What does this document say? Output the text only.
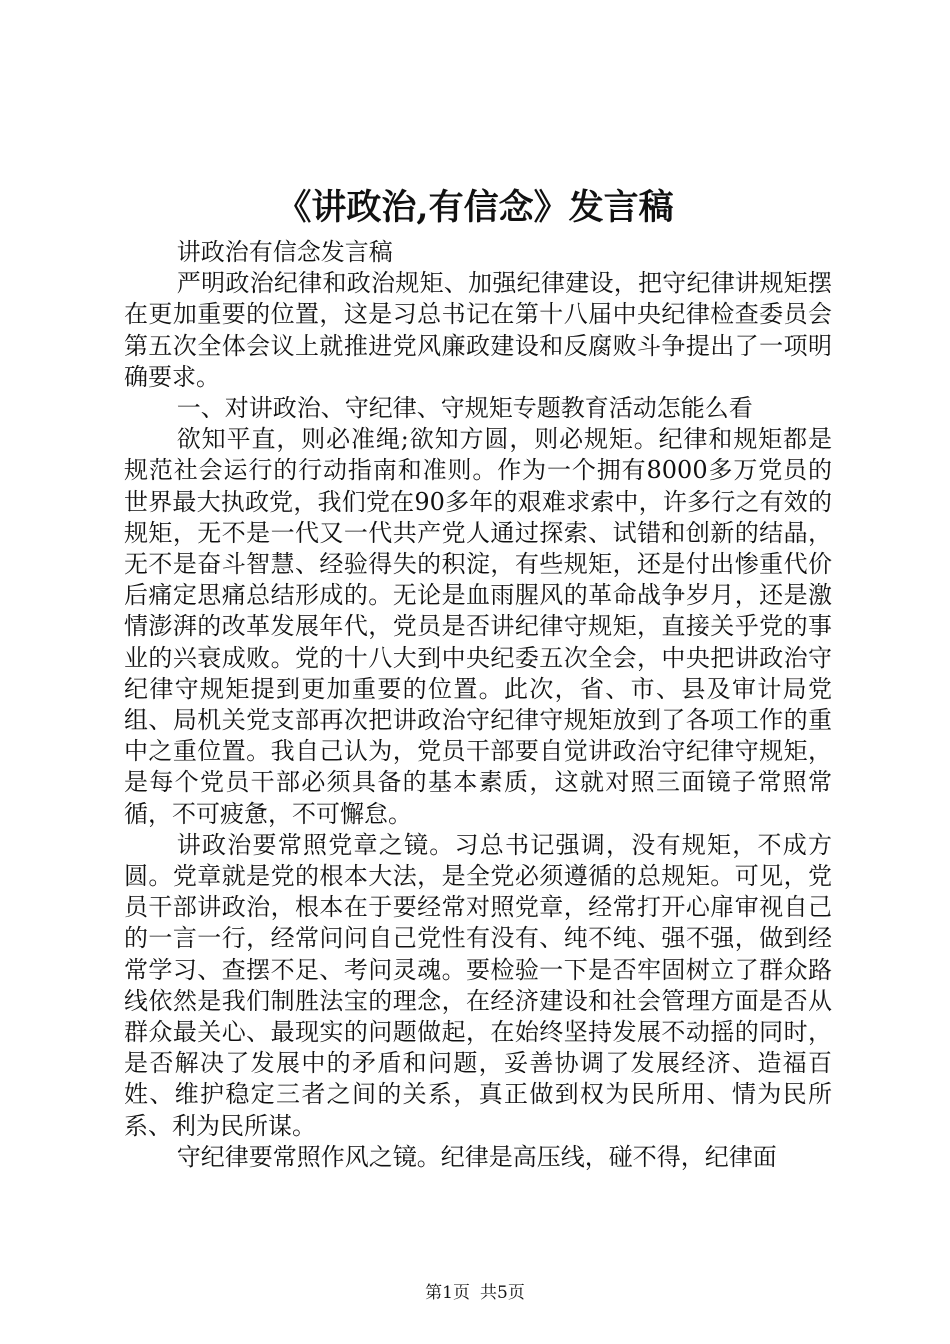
《讲政治,有信念》发言稿

讲政治有信念发言稿

严明政治纪律和政治规矩、加强纪律建设，把守纪律讲规矩摆在更加重要的位置，这是习总书记在第十八届中央纪律检查委员会第五次全体会议上就推进党风廉政建设和反腐败斗争提出了一项明确要求。

一、对讲政治、守纪律、守规矩专题教育活动怎能么看

欲知平直，则必准绳;欲知方圆，则必规矩。纪律和规矩都是规范社会运行的行动指南和准则。作为一个拥有8000多万党员的世界最大执政党，我们党在90多年的艰难求索中，许多行之有效的规矩，无不是一代又一代共产党人通过探索、试错和创新的结晶，无不是奋斗智慧、经验得失的积淀，有些规矩，还是付出惨重代价后痛定思痛总结形成的。无论是血雨腥风的革命战争岁月，还是激情澎湃的改革发展年代，党员是否讲纪律守规矩，直接关乎党的事业的兴衰成败。党的十八大到中央纪委五次全会，中央把讲政治守纪律守规矩提到更加重要的位置。此次，省、市、县及审计局党组、局机关党支部再次把讲政治守纪律守规矩放到了各项工作的重中之重位置。我自己认为，党员干部要自觉讲政治守纪律守规矩，是每个党员干部必须具备的基本素质，这就对照三面镜子常照常循，不可疲惫，不可懈怠。

讲政治要常照党章之镜。习总书记强调，没有规矩，不成方圆。党章就是党的根本大法，是全党必须遵循的总规矩。可见，党员干部讲政治，根本在于要经常对照党章，经常打开心扉审视自己的一言一行，经常问问自己党性有没有、纯不纯、强不强，做到经常学习、查摆不足、考问灵魂。要检验一下是否牢固树立了群众路线依然是我们制胜法宝的理念，在经济建设和社会管理方面是否从群众最关心、最现实的问题做起，在始终坚持发展不动摇的同时，是否解决了发展中的矛盾和问题，妥善协调了发展经济、造福百姓、维护稳定三者之间的关系，真正做到权为民所用、情为民所系、利为民所谋。

守纪律要常照作风之镜。纪律是高压线，碰不得，纪律面

第1页 共5页
